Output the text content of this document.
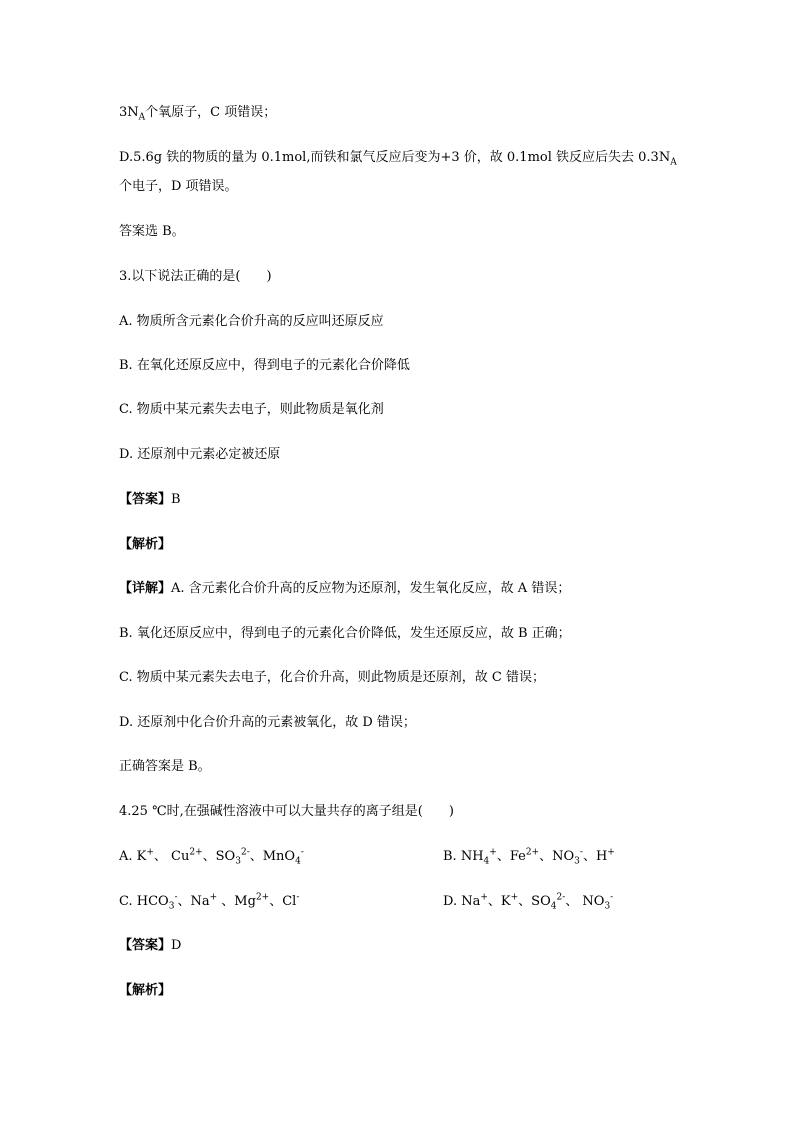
$3N_A$个氧原子，C 项错误；
D.5.6g 铁的物质的量为 0.1mol,而铁和氯气反应后变为+3 价，故 0.1mol 铁反应后失去 $0.3N_A$
个电子，D 项错误。
答案选 B。
3.以下说法正确的是(　　)
A. 物质所含元素化合价升高的反应叫还原反应
B. 在氧化还原反应中，得到电子的元素化合价降低
C. 物质中某元素失去电子，则此物质是氧化剂
D. 还原剂中元素必定被还原
【答案】B
【解析】
【详解】A. 含元素化合价升高的反应物为还原剂，发生氧化反应，故 A 错误；
B. 氧化还原反应中，得到电子的元素化合价降低，发生还原反应，故 B 正确；
C. 物质中某元素失去电子，化合价升高，则此物质是还原剂，故 C 错误；
D. 还原剂中化合价升高的元素被氧化，故 D 错误；
正确答案是 B。
4.25 ℃时,在强碱性溶液中可以大量共存的离子组是(　　)
A. K+、 $Cu^{2+}$、$SO_3^{2-}$、MnO$_4$-	B. $NH_4^+$、$Fe^{2+}$、$NO_3^-$、H+
C. $HCO_3^-$、Na+ 、$Mg^{2+}$、Cl-	D. Na+、K+、$SO_4^{2-}$、 $NO_3^-$
【答案】D
【解析】
